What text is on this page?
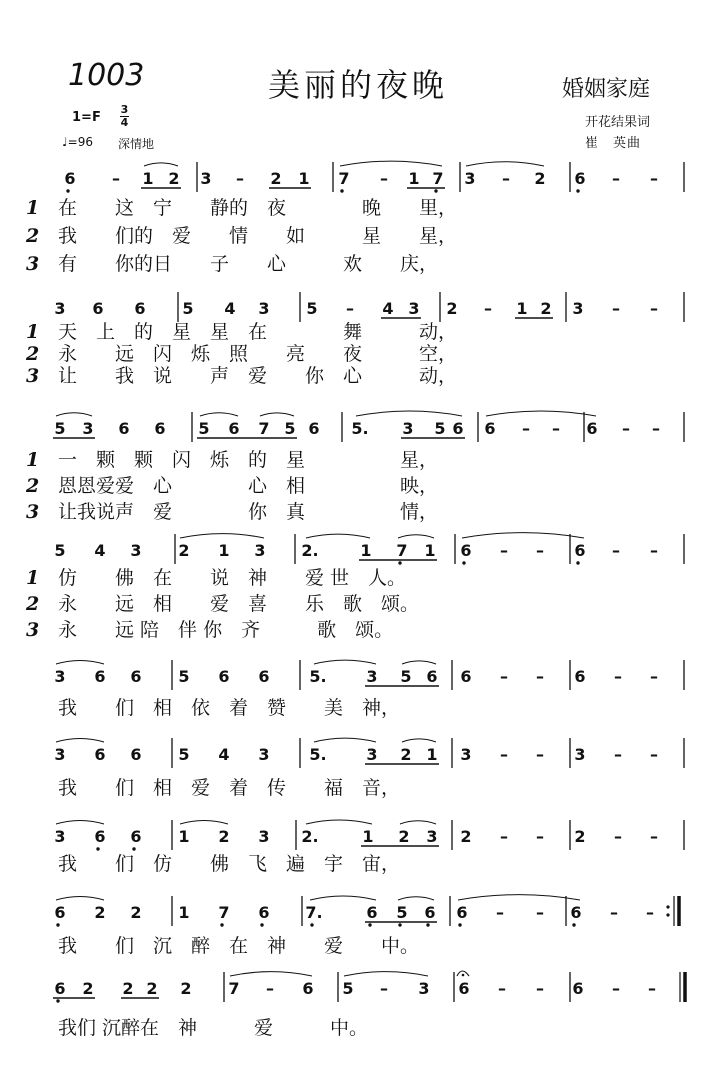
1003	美丽的夜晚	婚姻家庭
1=F
3
4
♩=96 深情地
开花结果词
崔　英曲
6 – 1 2 3 – 2 1 7 – 1 7 3 – 2 6 – –
1 在　　这　宁　　静的　夜　　　　晚　　里，
2 我　　们的　爱　　情　　如　　　星　　星，
3 有　　你的日　　子　　心　　　欢　　庆，
3 6 6 5 4 3 5 – 4 3 2 – 1 2 3 – –
1 天　上　的　星　星　在　　　　舞　　　动，
2 永　　远　闪　烁　照　　亮　　夜　　　空，
3 让　　我　说　　声　爱　　你　心　　　动，
5 3 6 6 5 6 7 5 6 5. 3 5 6 6 – – 6 – –
1 一　颗　颗　闪　烁　的　星　　　　　星，
2 恩恩爱爱　心　　　　心　相　　　　　映，
3 让我说声　爱　　　　你　真　　　　　情，
5 4 3 2 1 3 2.	1 7 1 6 – – 6 – –
1 仿　　佛　在　　说　神　　爱 世　人。
2 永　　远　相　　爱　喜　　乐　歌　颂。
3 永　　远 陪　伴 你　齐　　　歌　颂。
3 6 6 5 6 6 5. 3 5 6 6 – – 6 – –
我　　们　相　依　着　赞　　美　神，
3 6 6 5 4 3 5. 3 2 1 3 – – 3 – –
我　　们　相　爱　着　传　　福　音，
3 6 6 1 2 3 2.	1 2 3 2 – – 2 – –
我　　们　仿　　佛　飞　遍　宇　宙，
6 2 2 1 7 6 7.	6 5 6 6 – – 6 – –
我　　们　沉　醉　在　神　　爱　　中。
6 2 2 2 2 7 – 6 5 – 3 6 – – 6 – –
我们 沉醉在　神　　　爱　　　中。
